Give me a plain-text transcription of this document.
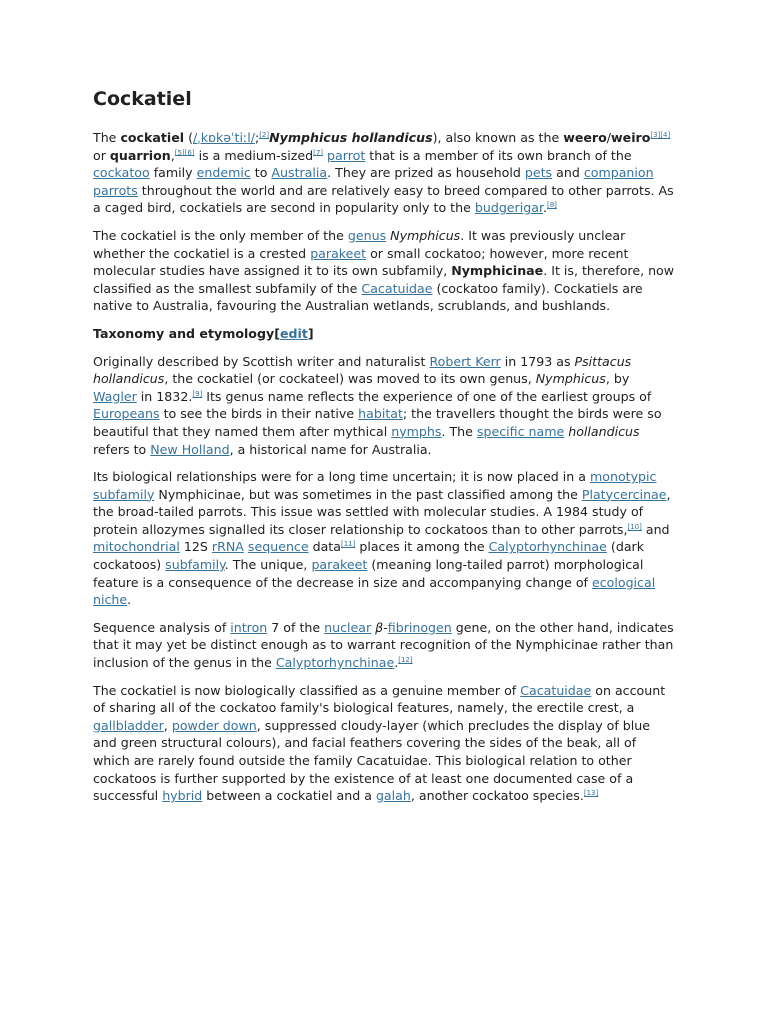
Cockatiel

The cockatiel (/ˌkɒkəˈtiːl/;[2]Nymphicus hollandicus), also known as the weero/weiro[3][4] or quarrion,[5][6] is a medium-sized[7] parrot that is a member of its own branch of the cockatoo family endemic to Australia. They are prized as household pets and companion parrots throughout the world and are relatively easy to breed compared to other parrots. As a caged bird, cockatiels are second in popularity only to the budgerigar.[8]

The cockatiel is the only member of the genus Nymphicus. It was previously unclear whether the cockatiel is a crested parakeet or small cockatoo; however, more recent molecular studies have assigned it to its own subfamily, Nymphicinae. It is, therefore, now classified as the smallest subfamily of the Cacatuidae (cockatoo family). Cockatiels are native to Australia, favouring the Australian wetlands, scrublands, and bushlands.

Taxonomy and etymology[edit]

Originally described by Scottish writer and naturalist Robert Kerr in 1793 as Psittacus hollandicus, the cockatiel (or cockateel) was moved to its own genus, Nymphicus, by Wagler in 1832.[9] Its genus name reflects the experience of one of the earliest groups of Europeans to see the birds in their native habitat; the travellers thought the birds were so beautiful that they named them after mythical nymphs. The specific name hollandicus refers to New Holland, a historical name for Australia.

Its biological relationships were for a long time uncertain; it is now placed in a monotypic subfamily Nymphicinae, but was sometimes in the past classified among the Platycercinae, the broad-tailed parrots. This issue was settled with molecular studies. A 1984 study of protein allozymes signalled its closer relationship to cockatoos than to other parrots,[10] and mitochondrial 12S rRNA sequence data[11] places it among the Calyptorhynchinae (dark cockatoos) subfamily. The unique, parakeet (meaning long-tailed parrot) morphological feature is a consequence of the decrease in size and accompanying change of ecological niche.

Sequence analysis of intron 7 of the nuclear β-fibrinogen gene, on the other hand, indicates that it may yet be distinct enough as to warrant recognition of the Nymphicinae rather than inclusion of the genus in the Calyptorhynchinae.[12]

The cockatiel is now biologically classified as a genuine member of Cacatuidae on account of sharing all of the cockatoo family's biological features, namely, the erectile crest, a gallbladder, powder down, suppressed cloudy-layer (which precludes the display of blue and green structural colours), and facial feathers covering the sides of the beak, all of which are rarely found outside the family Cacatuidae. This biological relation to other cockatoos is further supported by the existence of at least one documented case of a successful hybrid between a cockatiel and a galah, another cockatoo species.[13]
